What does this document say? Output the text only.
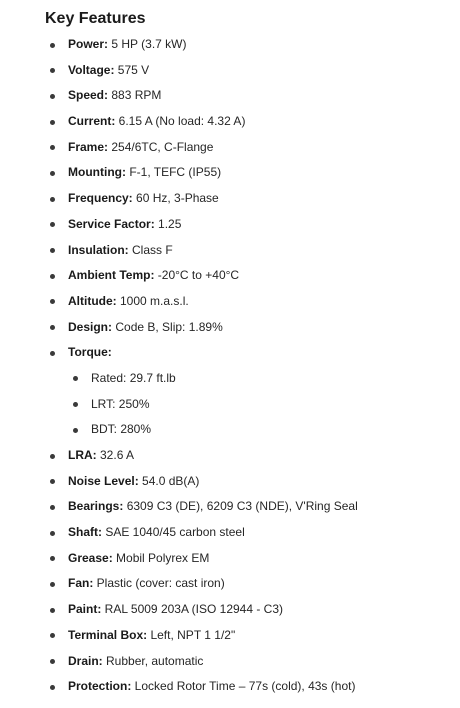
Key Features
Power: 5 HP (3.7 kW)
Voltage: 575 V
Speed: 883 RPM
Current: 6.15 A (No load: 4.32 A)
Frame: 254/6TC, C-Flange
Mounting: F-1, TEFC (IP55)
Frequency: 60 Hz, 3-Phase
Service Factor: 1.25
Insulation: Class F
Ambient Temp: -20°C to +40°C
Altitude: 1000 m.a.s.l.
Design: Code B, Slip: 1.89%
Torque:
Rated: 29.7 ft.lb
LRT: 250%
BDT: 280%
LRA: 32.6 A
Noise Level: 54.0 dB(A)
Bearings: 6309 C3 (DE), 6209 C3 (NDE), V'Ring Seal
Shaft: SAE 1040/45 carbon steel
Grease: Mobil Polyrex EM
Fan: Plastic (cover: cast iron)
Paint: RAL 5009 203A (ISO 12944 - C3)
Terminal Box: Left, NPT 1 1/2"
Drain: Rubber, automatic
Protection: Locked Rotor Time – 77s (cold), 43s (hot)
